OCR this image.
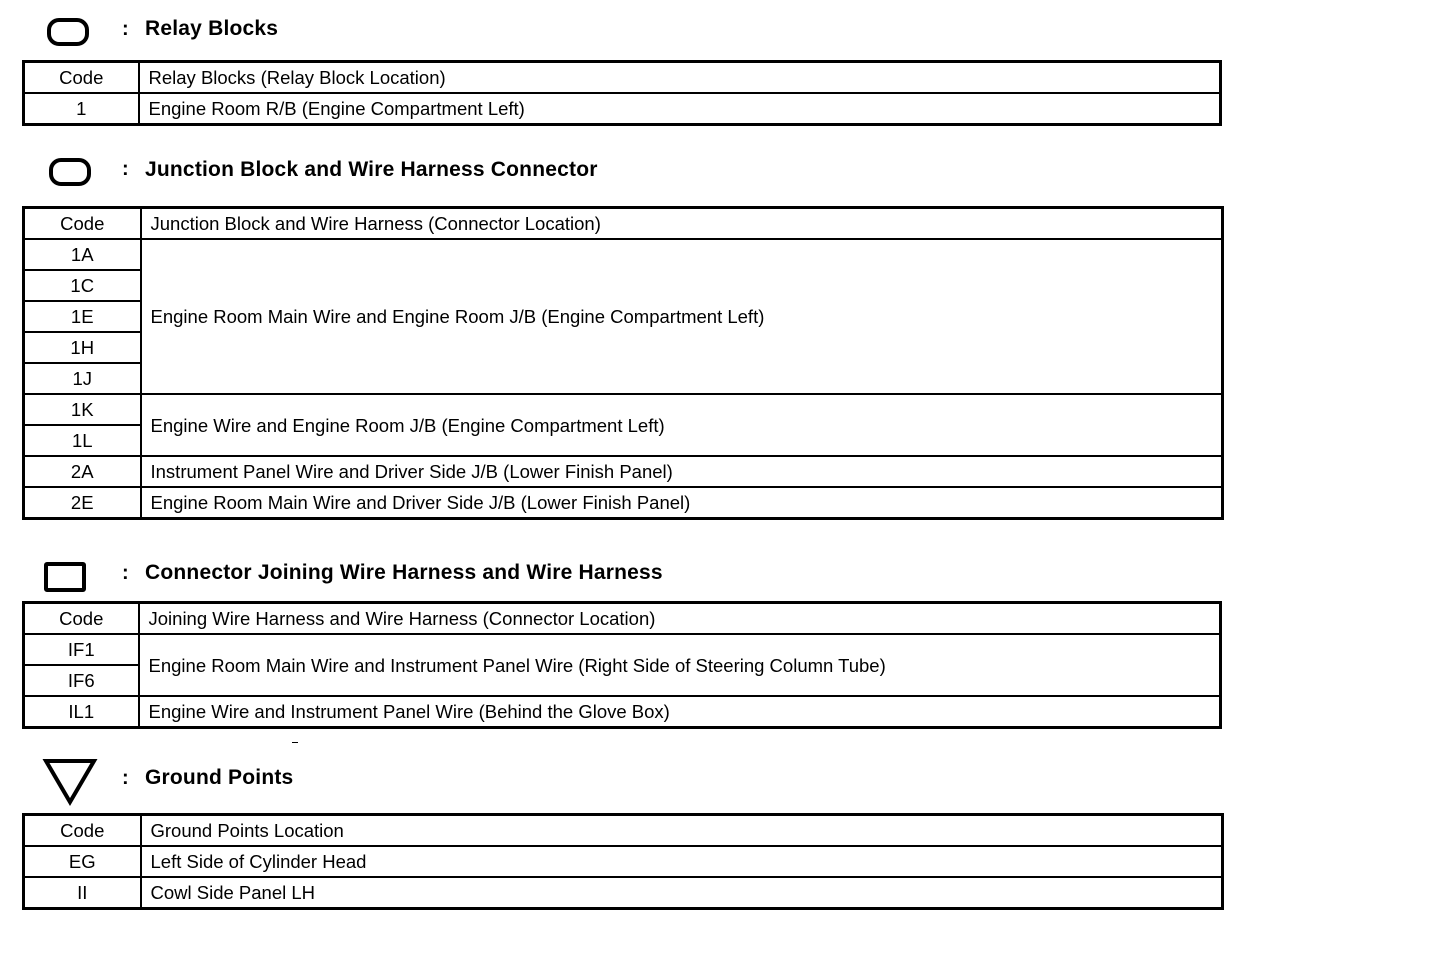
: Relay Blocks
Code	Relay Blocks (Relay Block Location)
1	Engine Room R/B (Engine Compartment Left)
: Junction Block and Wire Harness Connector
Code	Junction Block and Wire Harness (Connector Location)
1A	Engine Room Main Wire and Engine Room J/B (Engine Compartment Left)
1C	
1E	
1H	
1J	
1K	Engine Wire and Engine Room J/B (Engine Compartment Left)
1L	
2A	Instrument Panel Wire and Driver Side J/B (Lower Finish Panel)
2E	Engine Room Main Wire and Driver Side J/B (Lower Finish Panel)
: Connector Joining Wire Harness and Wire Harness
Code	Joining Wire Harness and Wire Harness (Connector Location)
IF1	Engine Room Main Wire and Instrument Panel Wire (Right Side of Steering Column Tube)
IF6	
IL1	Engine Wire and Instrument Panel Wire (Behind the Glove Box)
: Ground Points
Code	Ground Points Location
EG	Left Side of Cylinder Head
II	Cowl Side Panel LH
